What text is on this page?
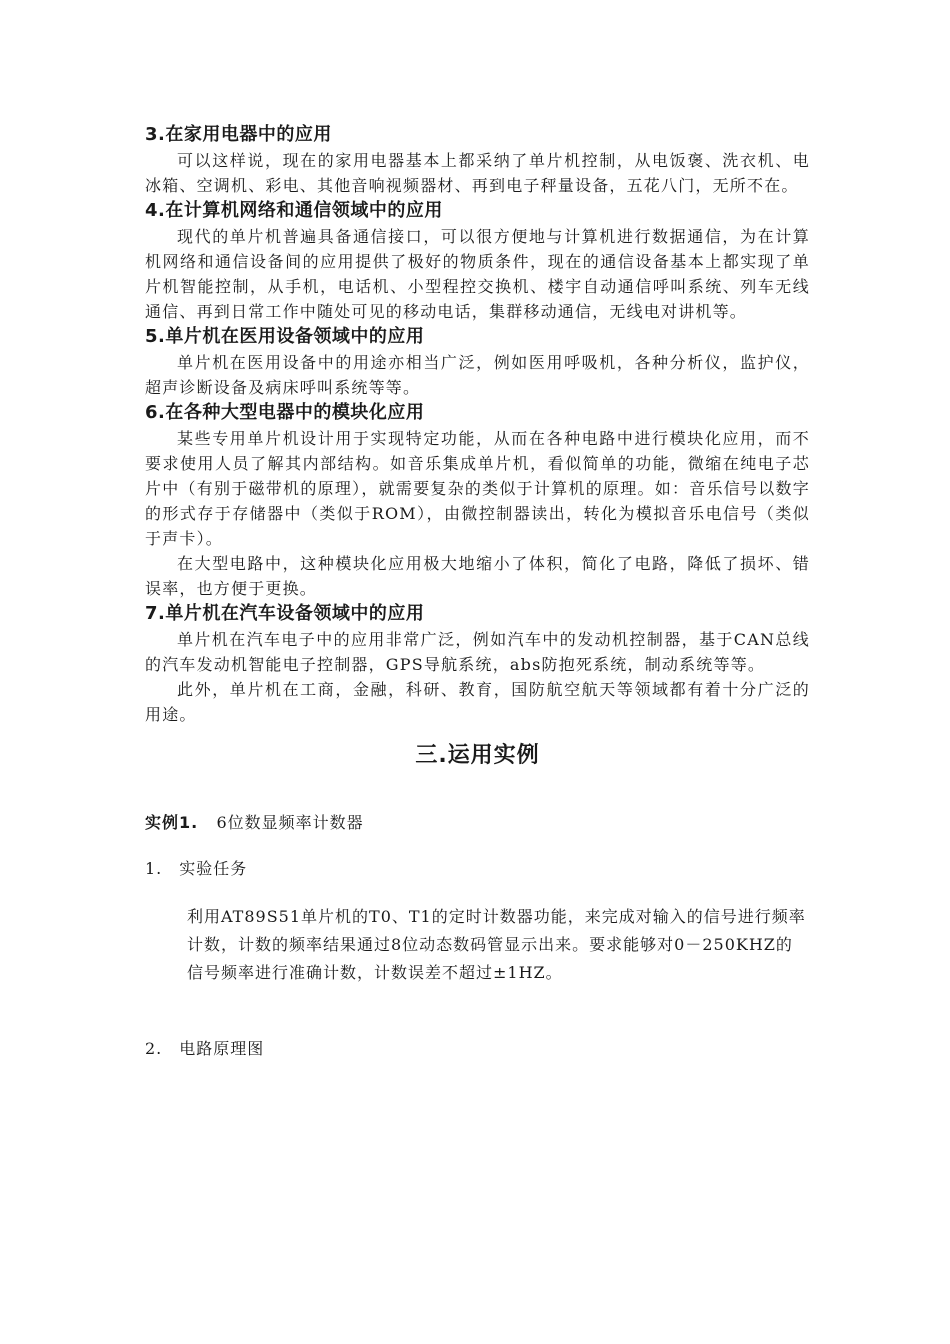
3.在家用电器中的应用

可以这样说，现在的家用电器基本上都采纳了单片机控制，从电饭褒、洗衣机、电冰箱、空调机、彩电、其他音响视频器材、再到电子秤量设备，五花八门，无所不在。

4.在计算机网络和通信领域中的应用

现代的单片机普遍具备通信接口，可以很方便地与计算机进行数据通信，为在计算机网络和通信设备间的应用提供了极好的物质条件，现在的通信设备基本上都实现了单片机智能控制，从手机，电话机、小型程控交换机、楼宇自动通信呼叫系统、列车无线通信、再到日常工作中随处可见的移动电话，集群移动通信，无线电对讲机等。

5.单片机在医用设备领域中的应用

单片机在医用设备中的用途亦相当广泛，例如医用呼吸机，各种分析仪，监护仪，超声诊断设备及病床呼叫系统等等。

6.在各种大型电器中的模块化应用

某些专用单片机设计用于实现特定功能，从而在各种电路中进行模块化应用，而不要求使用人员了解其内部结构。如音乐集成单片机，看似简单的功能，微缩在纯电子芯片中（有别于磁带机的原理），就需要复杂的类似于计算机的原理。如：音乐信号以数字的形式存于存储器中（类似于ROM），由微控制器读出，转化为模拟音乐电信号（类似于声卡）。

在大型电路中，这种模块化应用极大地缩小了体积，简化了电路，降低了损坏、错误率，也方便于更换。

7.单片机在汽车设备领域中的应用

单片机在汽车电子中的应用非常广泛，例如汽车中的发动机控制器，基于CAN总线的汽车发动机智能电子控制器，GPS导航系统，abs防抱死系统，制动系统等等。

此外，单片机在工商，金融，科研、教育，国防航空航天等领域都有着十分广泛的用途。

三.运用实例
实例1. 6位数显频率计数器
1.　实验任务
利用AT89S51单片机的T0、T1的定时计数器功能，来完成对输入的信号进行频率计数，计数的频率结果通过8位动态数码管显示出来。要求能够对0－250KHZ的信号频率进行准确计数，计数误差不超过±1HZ。
2.　电路原理图
